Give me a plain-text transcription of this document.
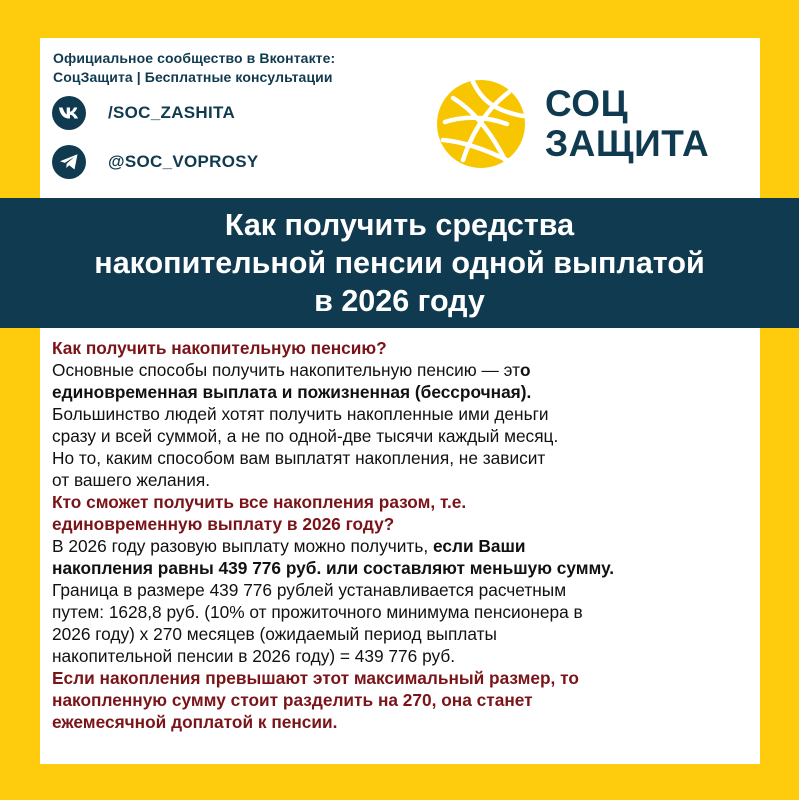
Официальное сообщество в Вконтакте:
СоцЗащита | Бесплатные консультации
/SOC_ZASHITA
@SOC_VOPROSY
СОЦ
ЗАЩИТА
Как получить средства
накопительной пенсии одной выплатой
в 2026 году

Как получить накопительную пенсию?

Основные способы получить накопительную пенсию — это
единовременная выплата и пожизненная (бессрочная).
Большинство людей хотят получить накопленные ими деньги
сразу и всей суммой, а не по одной-две тысячи каждый месяц.
Но то, каким способом вам выплатят накопления, не зависит
от вашего желания.

Кто сможет получить все накопления разом, т.е.
единовременную выплату в 2026 году?

В 2026 году разовую выплату можно получить, если Ваши
накопления равны 439 776 руб. или составляют меньшую сумму.
Граница в размере 439 776 рублей устанавливается расчетным
путем: 1628,8 руб. (10% от прожиточного минимума пенсионера в
2026 году) х 270 месяцев (ожидаемый период выплаты
накопительной пенсии в 2026 году) = 439 776 руб.

Если накопления превышают этот максимальный размер, то
накопленную сумму стоит разделить на 270, она станет
ежемесячной доплатой к пенсии.
